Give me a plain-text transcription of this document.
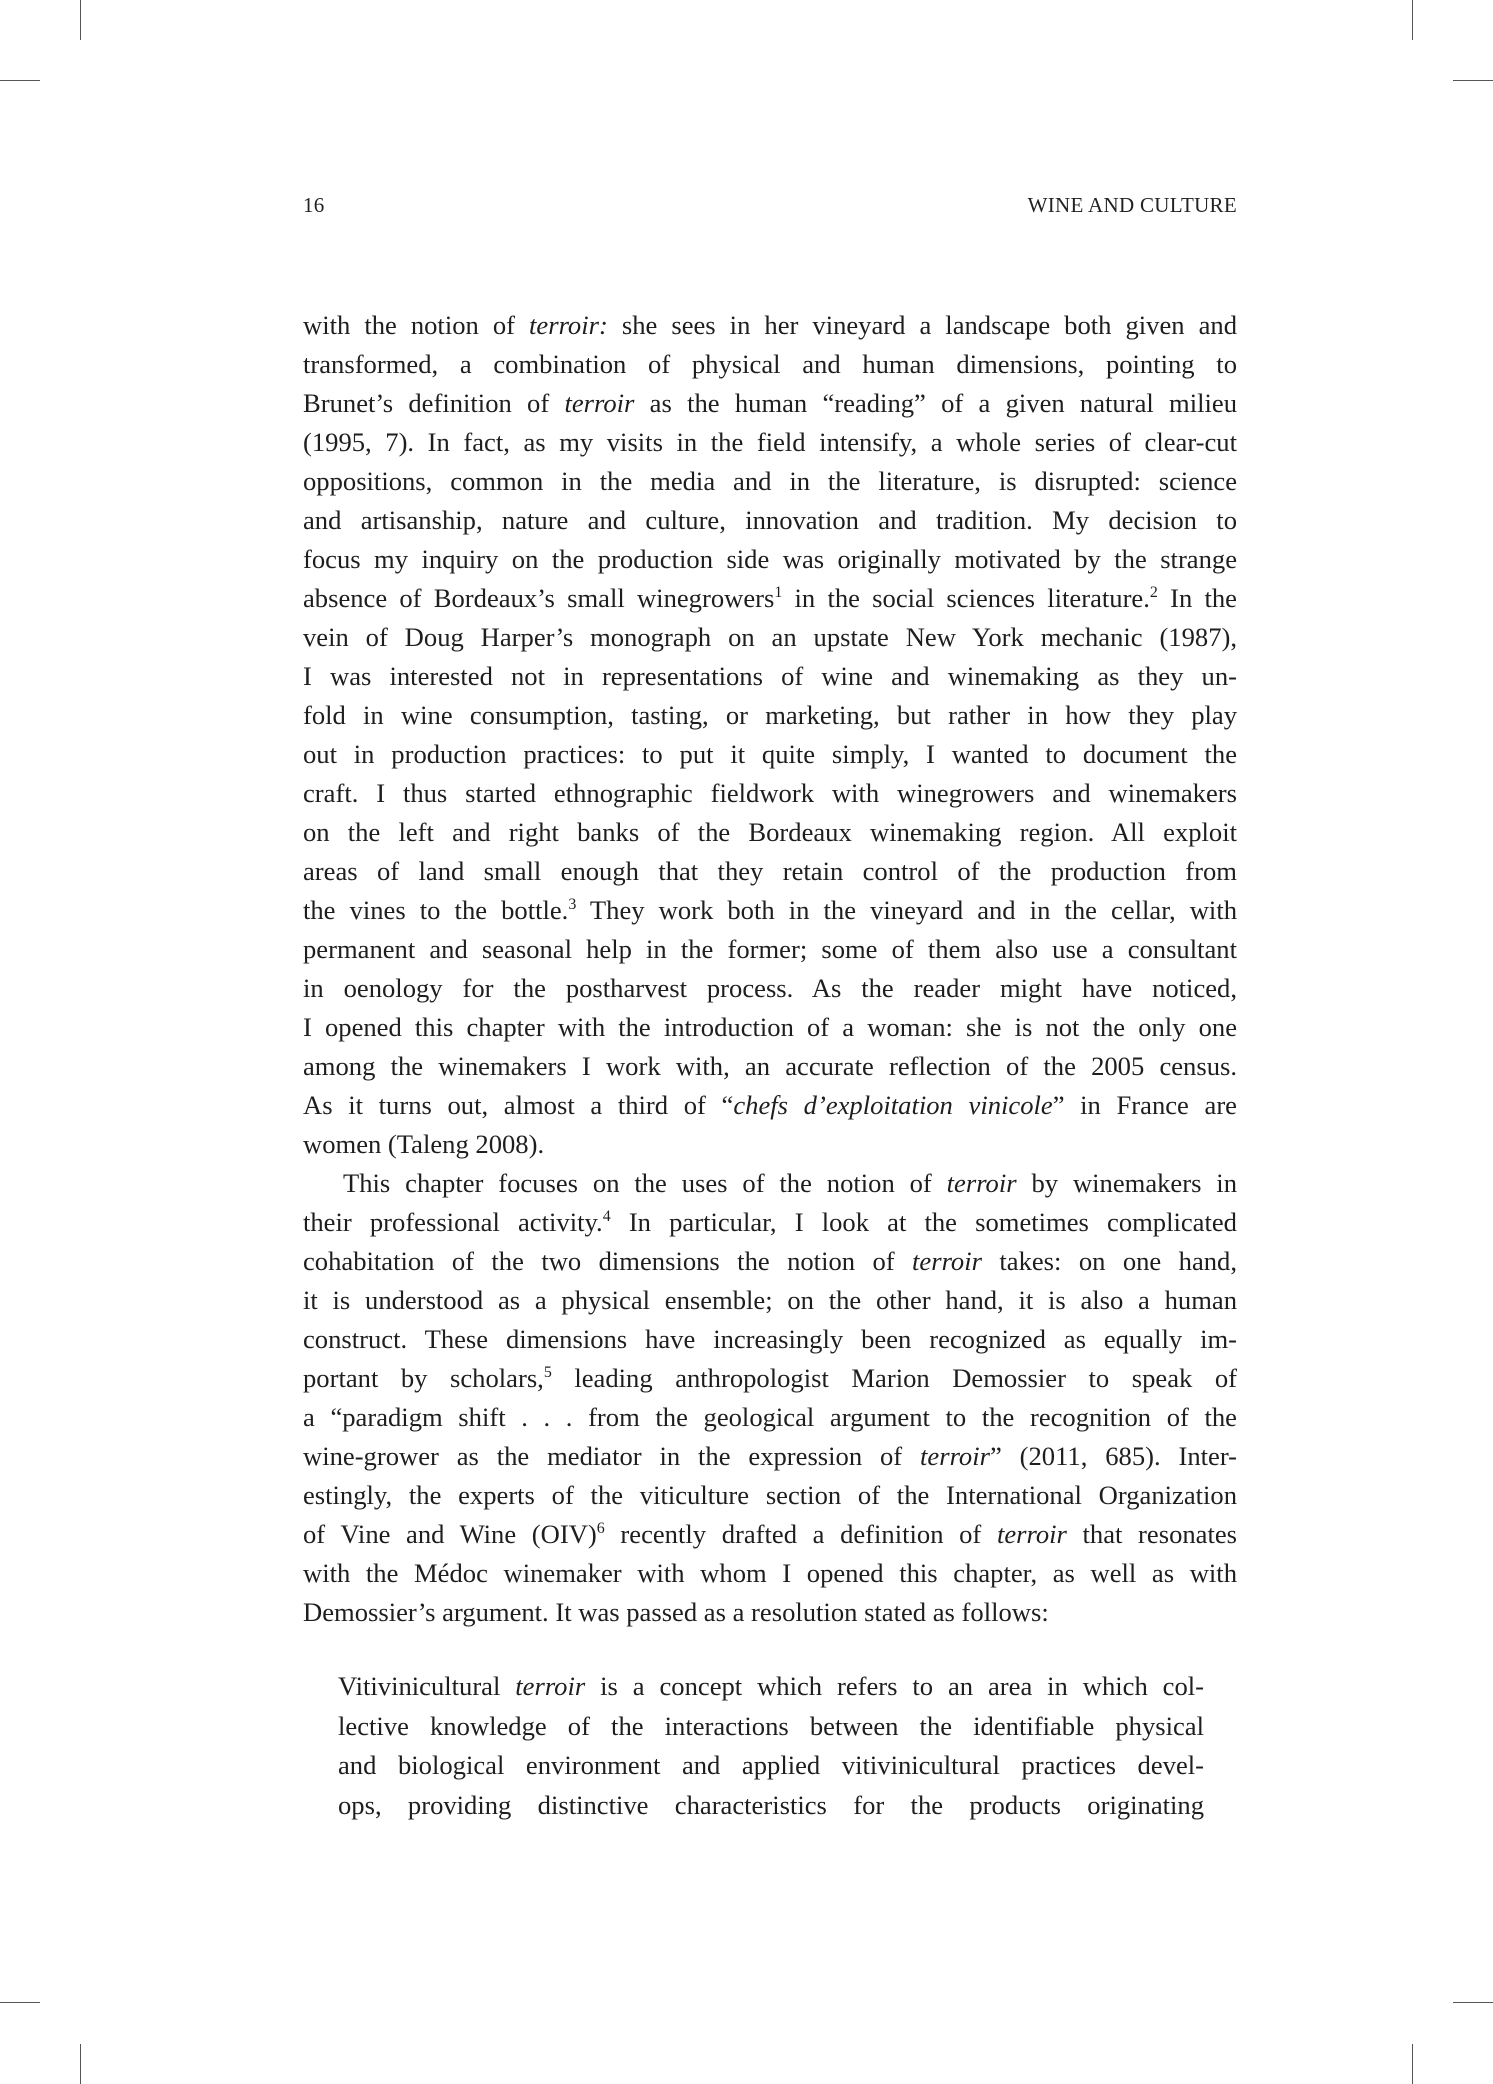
16	WINE AND CULTURE
with the notion of terroir: she sees in her vineyard a landscape both given and
transformed, a combination of physical and human dimensions, pointing to
Brunet’s definition of terroir as the human “reading” of a given natural milieu
(1995, 7). In fact, as my visits in the field intensify, a whole series of clear-cut
oppositions, common in the media and in the literature, is disrupted: science
and artisanship, nature and culture, innovation and tradition. My decision to
focus my inquiry on the production side was originally motivated by the strange
absence of Bordeaux’s small winegrowers$^1$ in the social sciences literature.$^2$ In the
vein of Doug Harper’s monograph on an upstate New York mechanic (1987),
I was interested not in representations of wine and winemaking as they un-
fold in wine consumption, tasting, or marketing, but rather in how they play
out in production practices: to put it quite simply, I wanted to document the
craft. I thus started ethnographic fieldwork with winegrowers and winemakers
on the left and right banks of the Bordeaux winemaking region. All exploit
areas of land small enough that they retain control of the production from
the vines to the bottle.$^3$ They work both in the vineyard and in the cellar, with
permanent and seasonal help in the former; some of them also use a consultant
in oenology for the postharvest process. As the reader might have noticed,
I opened this chapter with the introduction of a woman: she is not the only one
among the winemakers I work with, an accurate reflection of the 2005 census.
As it turns out, almost a third of “chefs d’exploitation vinicole” in France are
women (Taleng 2008).
This chapter focuses on the uses of the notion of terroir by winemakers in
their professional activity.$^4$ In particular, I look at the sometimes complicated
cohabitation of the two dimensions the notion of terroir takes: on one hand,
it is understood as a physical ensemble; on the other hand, it is also a human
construct. These dimensions have increasingly been recognized as equally im-
portant by scholars,$^5$ leading anthropologist Marion Demossier to speak of
a “paradigm shift . . . from the geological argument to the recognition of the
wine-grower as the mediator in the expression of terroir” (2011, 685). Inter-
estingly, the experts of the viticulture section of the International Organization
of Vine and Wine (OIV)$^6$ recently drafted a definition of terroir that resonates
with the Médoc winemaker with whom I opened this chapter, as well as with
Demossier’s argument. It was passed as a resolution stated as follows:
Vitivinicultural terroir is a concept which refers to an area in which col-
lective knowledge of the interactions between the identifiable physical
and biological environment and applied vitivinicultural practices devel-
ops, providing distinctive characteristics for the products originating
